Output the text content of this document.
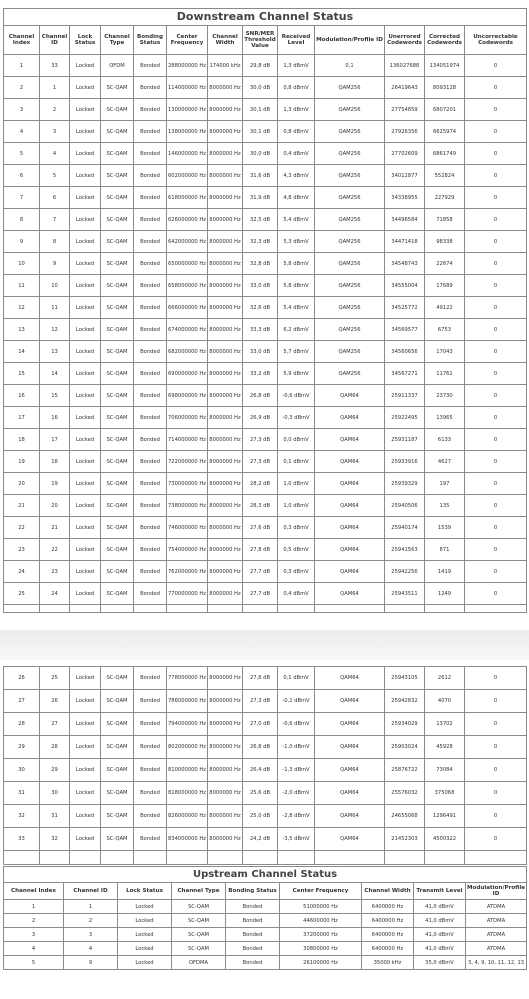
Downstream Channel Status
Channel Index	Channel ID	Lock Status	Channel Type	Bonding Status	Center Frequency	Channel Width	SNR/MER Threshold Value	Received Level	Modulation/Profile ID	Unerrored Codewords	Corrected Codewords	Uncorrectable Codewords
1	33	Locked	OFDM	Bonded	288000000 Hz	174000 kHz	29,8 dB	1,3 dBmV	0,1	136027688	134051974	0
2	1	Locked	SC-QAM	Bonded	114000000 Hz	8000000 Hz	30,0 dB	0,8 dBmV	QAM256	26419643	8093128	0
3	2	Locked	SC-QAM	Bonded	130000000 Hz	8000000 Hz	30,1 dB	1,3 dBmV	QAM256	27754859	6807201	0
4	3	Locked	SC-QAM	Bonded	138000000 Hz	8000000 Hz	30,1 dB	0,8 dBmV	QAM256	27926356	6625974	0
5	4	Locked	SC-QAM	Bonded	146000000 Hz	8000000 Hz	30,0 dB	0,4 dBmV	QAM256	27702609	6861749	0
6	5	Locked	SC-QAM	Bonded	602000000 Hz	8000000 Hz	31,6 dB	4,3 dBmV	QAM256	34012877	552824	0
7	6	Locked	SC-QAM	Bonded	618000000 Hz	8000000 Hz	31,9 dB	4,8 dBmV	QAM256	34338955	227929	0
8	7	Locked	SC-QAM	Bonded	626000000 Hz	8000000 Hz	32,5 dB	5,4 dBmV	QAM256	34496584	71858	0
9	8	Locked	SC-QAM	Bonded	642000000 Hz	8000000 Hz	32,3 dB	5,3 dBmV	QAM256	34471418	98338	0
10	9	Locked	SC-QAM	Bonded	650000000 Hz	8000000 Hz	32,8 dB	5,8 dBmV	QAM256	34548743	22674	0
11	10	Locked	SC-QAM	Bonded	658000000 Hz	8000000 Hz	33,0 dB	5,8 dBmV	QAM256	34555004	17689	0
12	11	Locked	SC-QAM	Bonded	666000000 Hz	8000000 Hz	32,6 dB	5,4 dBmV	QAM256	34525772	49122	0
13	12	Locked	SC-QAM	Bonded	674000000 Hz	8000000 Hz	33,3 dB	6,2 dBmV	QAM256	34569577	6753	0
14	13	Locked	SC-QAM	Bonded	682000000 Hz	8000000 Hz	33,0 dB	5,7 dBmV	QAM256	34560656	17043	0
15	14	Locked	SC-QAM	Bonded	690000000 Hz	8000000 Hz	33,2 dB	5,9 dBmV	QAM256	34567271	11761	0
16	15	Locked	SC-QAM	Bonded	698000000 Hz	8000000 Hz	26,8 dB	-0,6 dBmV	QAM64	25911337	23730	0
17	16	Locked	SC-QAM	Bonded	706000000 Hz	8000000 Hz	26,9 dB	-0,3 dBmV	QAM64	25922495	13965	0
18	17	Locked	SC-QAM	Bonded	714000000 Hz	8000000 Hz	27,3 dB	0,0 dBmV	QAM64	25931187	6133	0
19	18	Locked	SC-QAM	Bonded	722000000 Hz	8000000 Hz	27,3 dB	0,1 dBmV	QAM64	25933916	4627	0
20	19	Locked	SC-QAM	Bonded	730000000 Hz	8000000 Hz	28,2 dB	1,0 dBmV	QAM64	25939329	197	0
21	20	Locked	SC-QAM	Bonded	738000000 Hz	8000000 Hz	28,3 dB	1,0 dBmV	QAM64	25940506	135	0
22	21	Locked	SC-QAM	Bonded	746000000 Hz	8000000 Hz	27,6 dB	0,3 dBmV	QAM64	25940174	1539	0
23	22	Locked	SC-QAM	Bonded	754000000 Hz	8000000 Hz	27,8 dB	0,5 dBmV	QAM64	25941563	871	0
24	23	Locked	SC-QAM	Bonded	762000000 Hz	8000000 Hz	27,7 dB	0,3 dBmV	QAM64	25942256	1419	0
25	24	Locked	SC-QAM	Bonded	770000000 Hz	8000000 Hz	27,7 dB	0,4 dBmV	QAM64	25943511	1249	0

26	25	Locked	SC-QAM	Bonded	778000000 Hz	8000000 Hz	27,6 dB	0,1 dBmV	QAM64	25943105	2612	0
27	26	Locked	SC-QAM	Bonded	786000000 Hz	8000000 Hz	27,3 dB	-0,1 dBmV	QAM64	25942832	4070	0
28	27	Locked	SC-QAM	Bonded	794000000 Hz	8000000 Hz	27,0 dB	-0,6 dBmV	QAM64	25934029	13702	0
29	28	Locked	SC-QAM	Bonded	802000000 Hz	8000000 Hz	26,8 dB	-1,0 dBmV	QAM64	25903024	45928	0
30	29	Locked	SC-QAM	Bonded	810000000 Hz	8000000 Hz	26,4 dB	-1,3 dBmV	QAM64	25876722	73084	0
31	30	Locked	SC-QAM	Bonded	818000000 Hz	8000000 Hz	25,6 dB	-2,0 dBmV	QAM64	25576032	375068	0
32	31	Locked	SC-QAM	Bonded	826000000 Hz	8000000 Hz	25,0 dB	-2,8 dBmV	QAM64	24655068	1296491	0
33	32	Locked	SC-QAM	Bonded	834000000 Hz	8000000 Hz	24,2 dB	-3,5 dBmV	QAM64	21452303	4500322	0

Upstream Channel Status
Channel Index	Channel ID	Lock Status	Channel Type	Bonding Status	Center Frequency	Channel Width	Transmit Level	Modulation/Profile ID
1	1	Locked	SC-QAM	Bonded	51000000 Hz	6400000 Hz	41,0 dBmV	ATDMA
2	2	Locked	SC-QAM	Bonded	44600000 Hz	6400000 Hz	41,0 dBmV	ATDMA
3	3	Locked	SC-QAM	Bonded	37200000 Hz	6400000 Hz	41,0 dBmV	ATDMA
4	4	Locked	SC-QAM	Bonded	30800000 Hz	6400000 Hz	41,0 dBmV	ATDMA
5	9	Locked	OFDMA	Bonded	26100000 Hz	35000 kHz	35,0 dBmV	3, 4, 9, 10, 11, 12, 13
